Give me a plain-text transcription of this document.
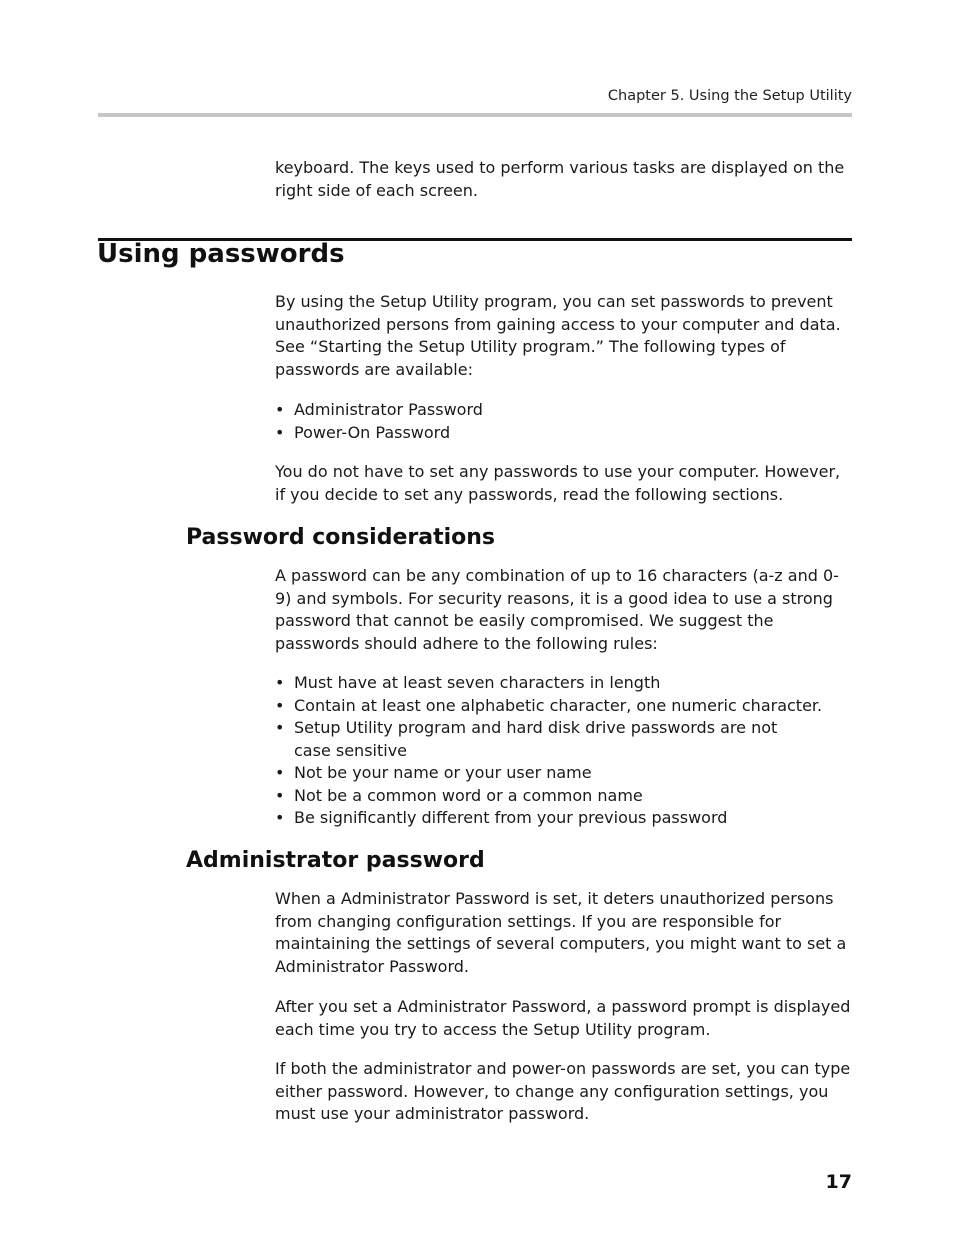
Chapter 5. Using the Setup Utility

keyboard. The keys used to perform various tasks are displayed on the right side of each screen.

Using passwords

By using the Setup Utility program, you can set passwords to prevent unauthorized persons from gaining access to your computer and data. See “Starting the Setup Utility program.” The following types of passwords are available:

• Administrator Password
• Power-On Password

You do not have to set any passwords to use your computer. However, if you decide to set any passwords, read the following sections.

Password considerations

A password can be any combination of up to 16 characters (a-z and 0-9) and symbols. For security reasons, it is a good idea to use a strong password that cannot be easily compromised. We suggest the passwords should adhere to the following rules:

• Must have at least seven characters in length
• Contain at least one alphabetic character, one numeric character.
• Setup Utility program and hard disk drive passwords are not case sensitive
• Not be your name or your user name
• Not be a common word or a common name
• Be significantly different from your previous password
Administrator password

When a Administrator Password is set, it deters unauthorized persons from changing configuration settings. If you are responsible for maintaining the settings of several computers, you might want to set a Administrator Password.

After you set a Administrator Password, a password prompt is displayed each time you try to access the Setup Utility program.

If both the administrator and power-on passwords are set, you can type either password. However, to change any configuration settings, you must use your administrator password.

17
